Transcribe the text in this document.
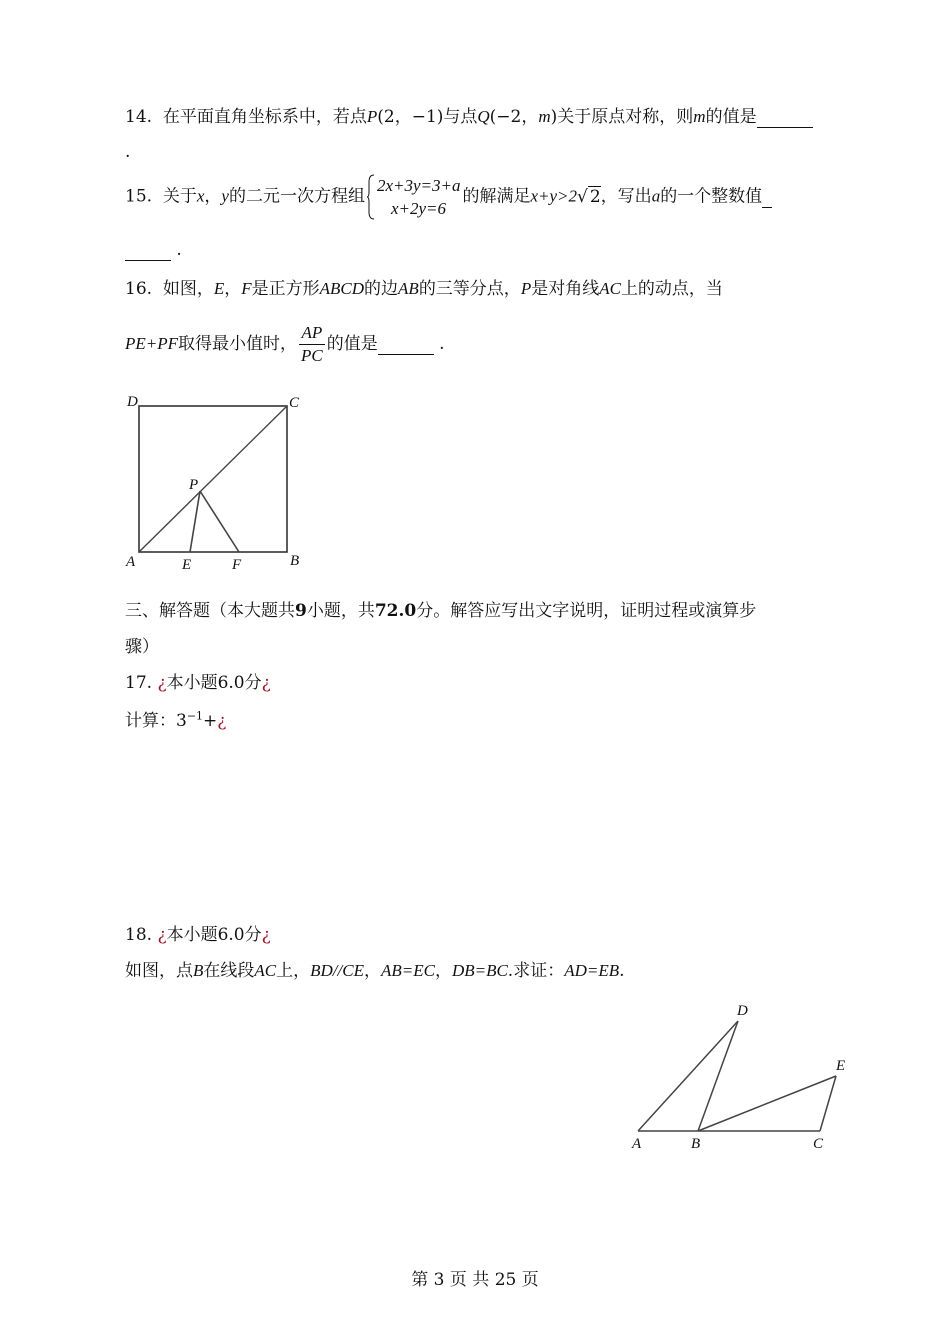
14. 在平面直角坐标系中，若点P(2，−1)与点Q(−2，m)关于原点对称，则m的值是
.
15. 关于x，y的二元一次方程组
2x+3y=3+a
x+2y=6
的解满足x+y>2√ 2，写出a的一个整数值
.
16. 如图，E，F是正方形ABCD的边AB的三等分点，P是对角线AC上的动点，当
PE+PF取得最小值时， $\frac{AP}{PC}$ 的值是	.
D	C
P
A	E	F	B
三、解答题（本大题共9小题，共72.0分。解答应写出文字说明，证明过程或演算步
骤）
17. ¿本小题6.0分¿
计算：$3^{-1}+¿$
18. ¿本小题6.0分¿
如图，点B在线段AC上，BD//CE，AB=EC，DB=BC.求证：AD=EB.
D
E
A	B	C
第 3 页 共 25 页
